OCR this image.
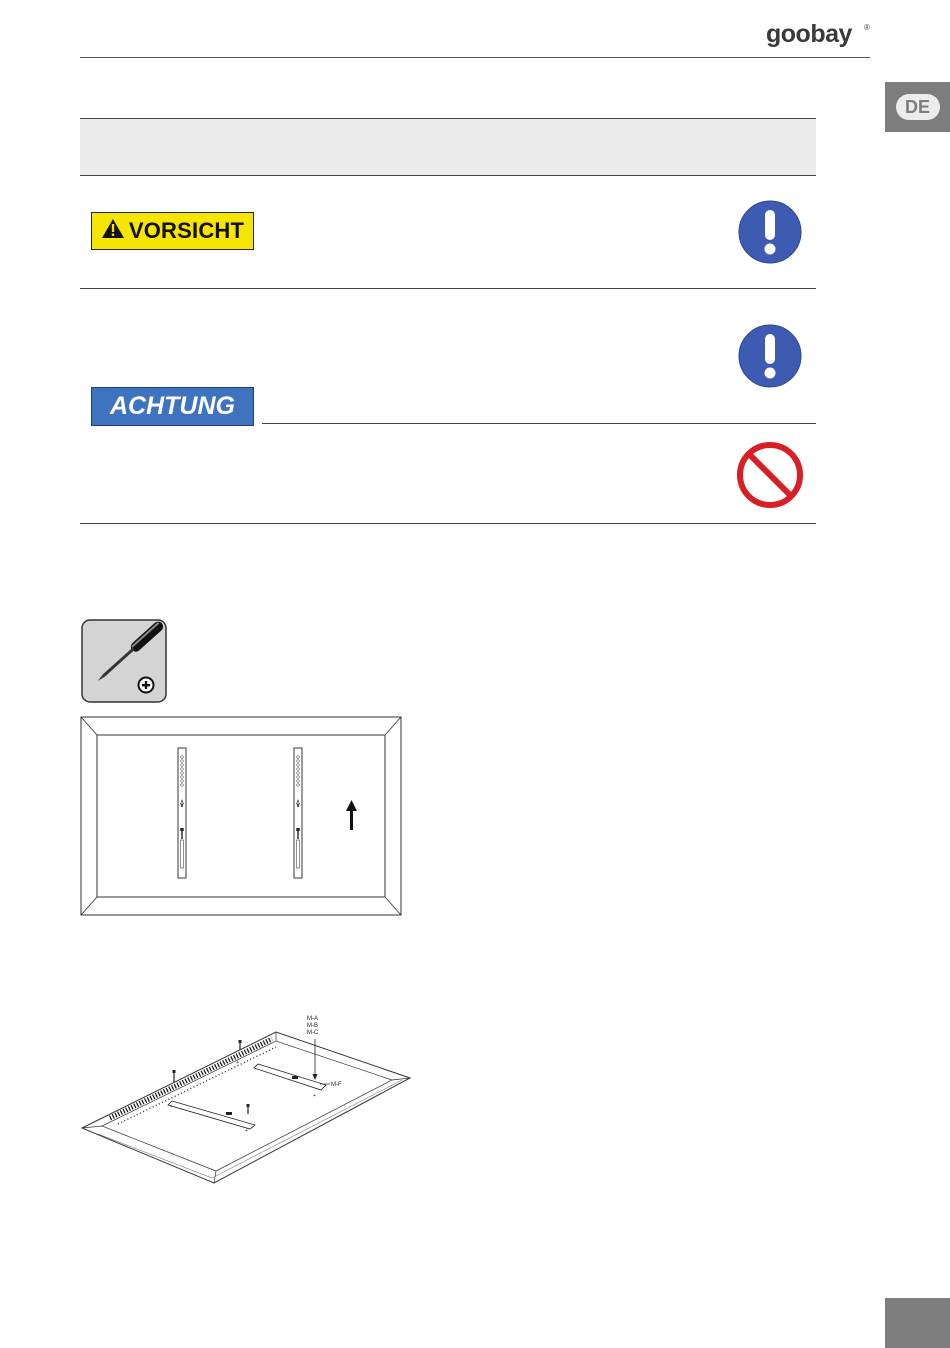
goobay ®
DE
VORSICHT
ACHTUNG
+
+
+
+
M-A
M-B
M-C
M-F
